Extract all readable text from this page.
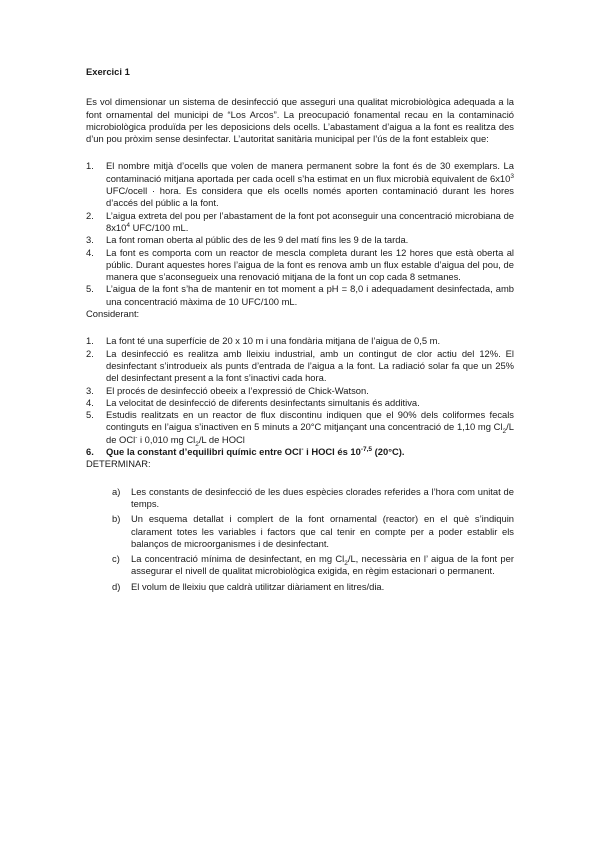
Exercici 1

Es vol dimensionar un sistema de desinfecció que asseguri una qualitat microbiològica adequada a la font ornamental del municipi de “Los Arcos”. La preocupació fonamental recau en la contaminació microbiològica produïda per les deposicions dels ocells. L’abastament d’aigua a la font es realitza des d’un pou pròxim sense desinfectar. L’autoritat sanitària municipal per l’ús de la font estableix que:

1. El nombre mitjà d’ocells que volen de manera permanent sobre la font és de 30 exemplars. La contaminació mitjana aportada per cada ocell s’ha estimat en un flux microbià equivalent de $6x10^3$ UFC/ocell · hora. Es considera que els ocells només aporten contaminació durant les hores d’accés del públic a la font.
2. L’aigua extreta del pou per l’abastament de la font pot aconseguir una concentració microbiana de $8x10^4$ UFC/100 mL.
3. La font roman oberta al públic des de les 9 del matí fins les 9 de la tarda.
4. La font es comporta com un reactor de mescla completa durant les 12 hores que està oberta al públic. Durant aquestes hores l’aigua de la font es renova amb un flux estable d’aigua del pou, de manera que s’aconsegueix una renovació mitjana de la font un cop cada 8 setmanes.
5. L’aigua de la font s’ha de mantenir en tot moment a pH = 8,0 i adequadament desinfectada, amb una concentració màxima de 10 UFC/100 mL.

Considerant:

1. La font té una superfície de 20 x 10 m i una fondària mitjana de l’aigua de 0,5 m.
2. La desinfecció es realitza amb lleixiu industrial, amb un contingut de clor actiu del 12%. El desinfectant s’introdueix als punts d’entrada de l’aigua a la font. La radiació solar fa que un 25% del desinfectant present a la font s’inactivi cada hora.
3. El procés de desinfecció obeeix a l’expressió de Chick-Watson.
4. La velocitat de desinfecció de diferents desinfectants simultanis és additiva.
5. Estudis realitzats en un reactor de flux discontinu indiquen que el 90% dels coliformes fecals continguts en l’aigua s’inactiven en 5 minuts a 20°C mitjançant una concentració de 1,10 mg $Cl_2/L$ de OCl- i 0,010 mg $Cl_2/L$ de HOCl
6. Que la constant d’equilibri químic entre OCl- i HOCl és $10^{-7,5}$ (20°C).

DETERMINAR:

a) Les constants de desinfecció de les dues espècies clorades referides a l’hora com unitat de temps.
b) Un esquema detallat i complert de la font ornamental (reactor) en el què s’indiquin clarament totes les variables i factors que cal tenir en compte per a poder establir els balanços de microorganismes i de desinfectant.
c) La concentració mínima de desinfectant, en mg $Cl_2/L$, necessària en l’ aigua de la font per assegurar el nivell de qualitat microbiològica exigida, en règim estacionari o permanent.
d) El volum de lleixiu que caldrà utilitzar diàriament en litres/dia.
